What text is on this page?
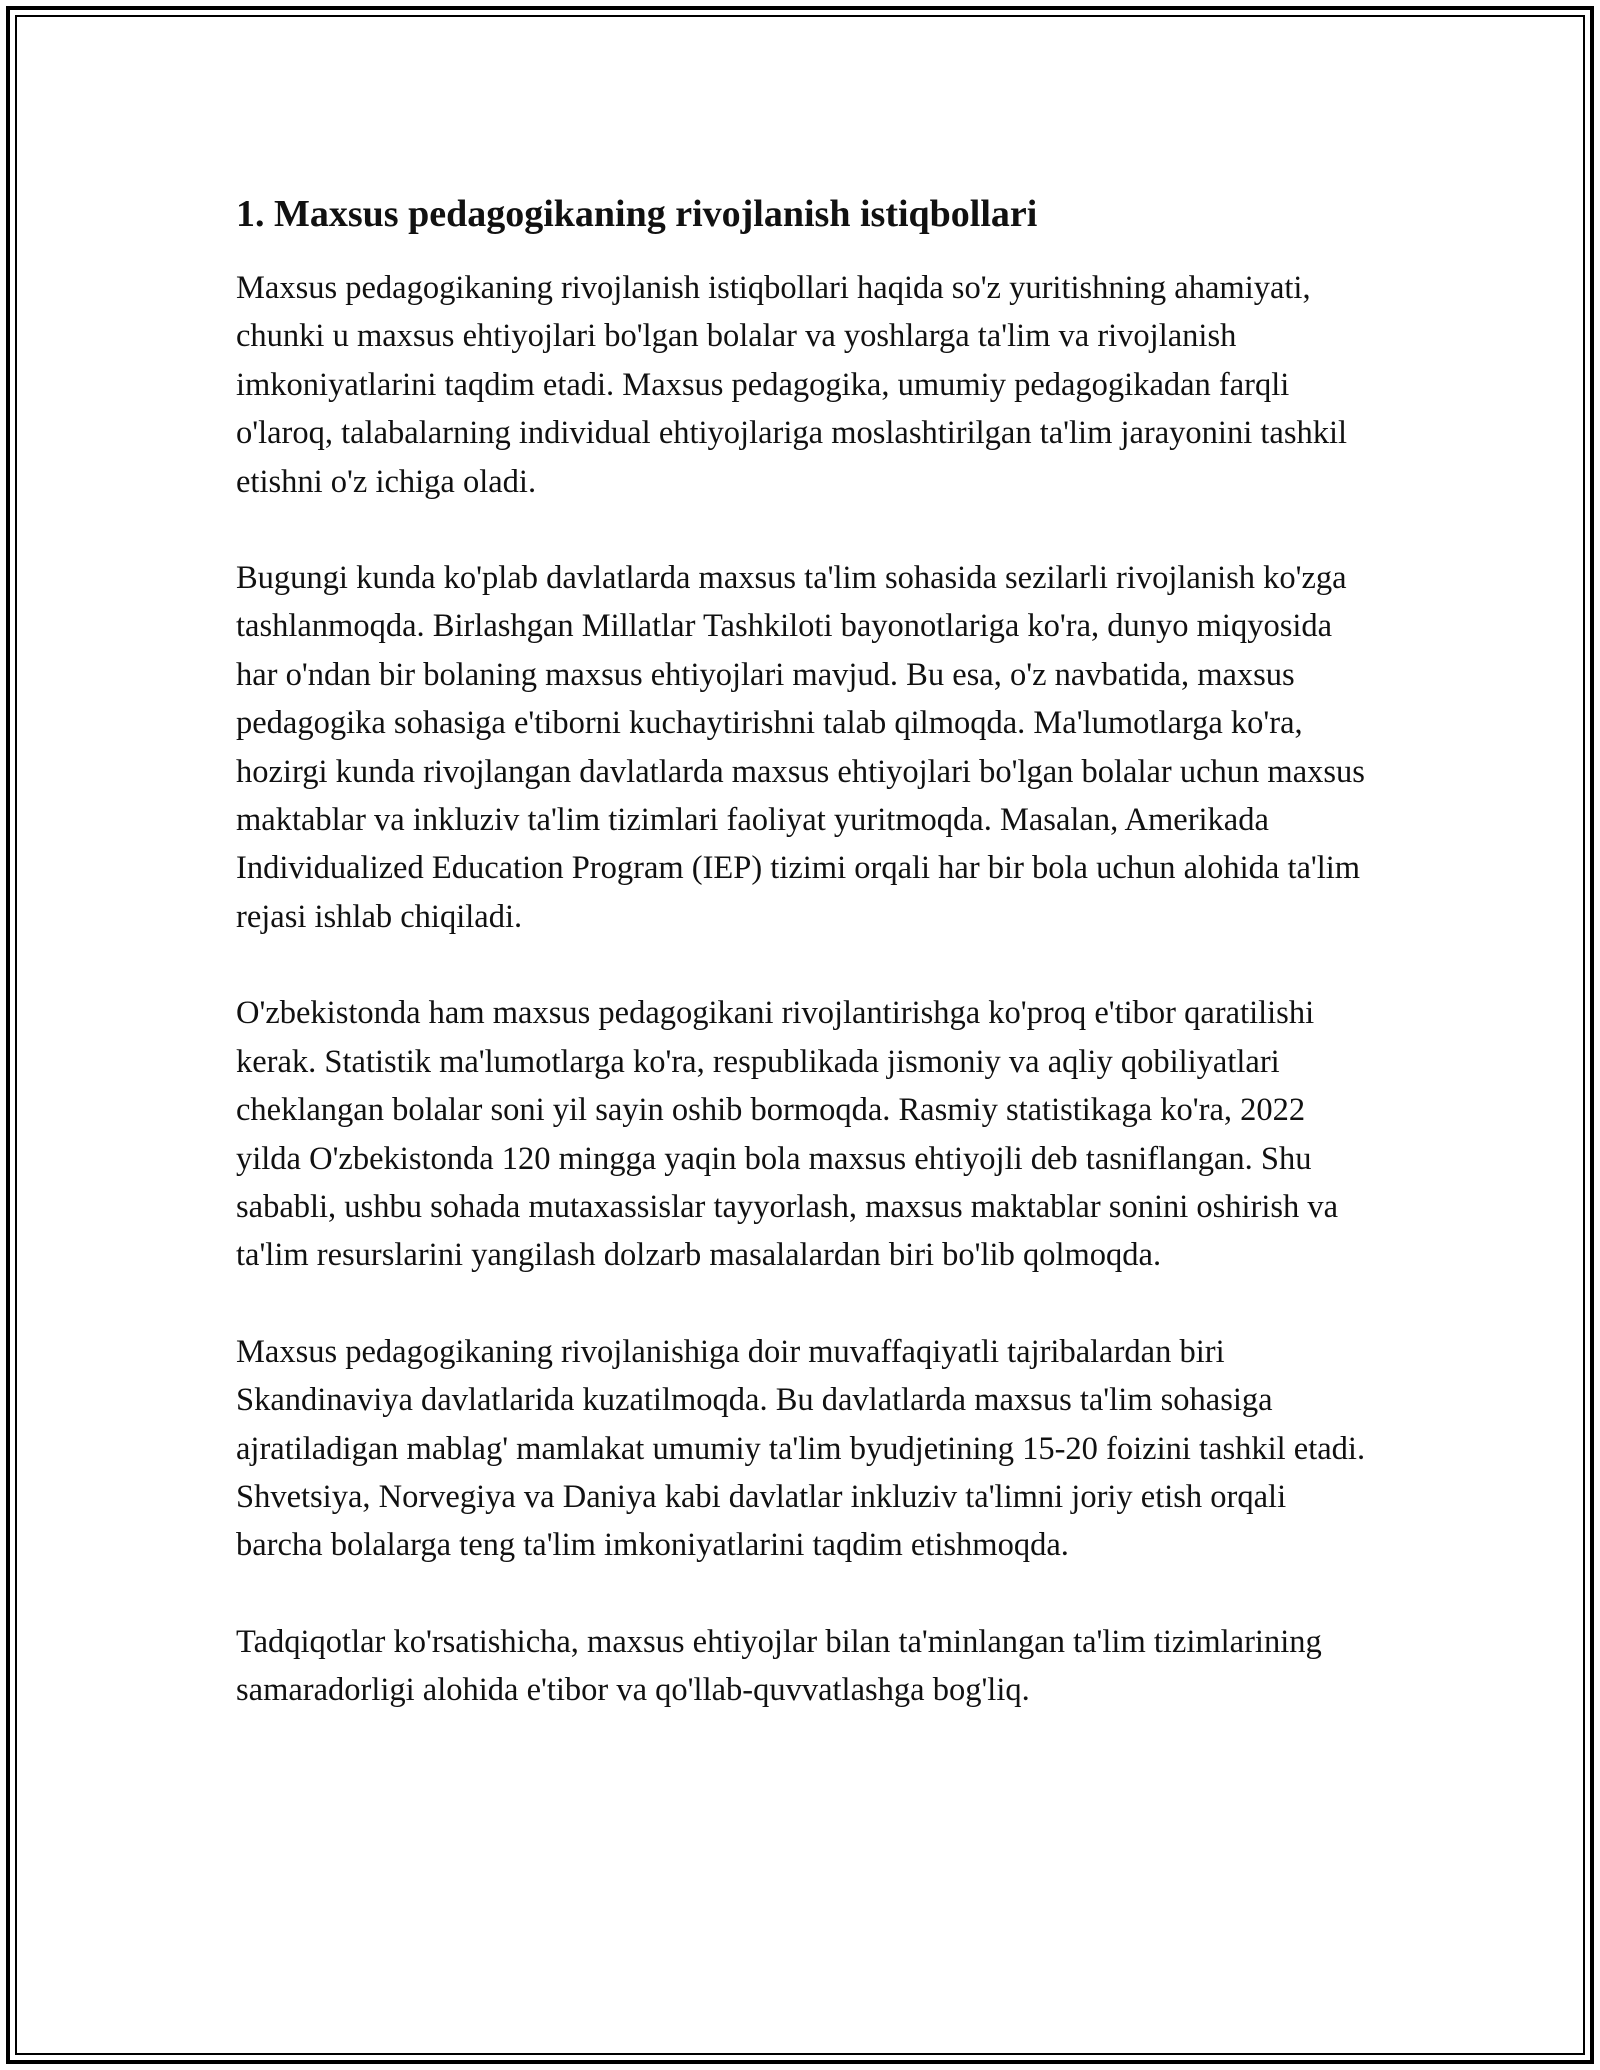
1. Maxsus pedagogikaning rivojlanish istiqbollari

Maxsus pedagogikaning rivojlanish istiqbollari haqida so'z yuritishning ahamiyati, chunki u maxsus ehtiyojlari bo'lgan bolalar va yoshlarga ta'lim va rivojlanish imkoniyatlarini taqdim etadi. Maxsus pedagogika, umumiy pedagogikadan farqli o'laroq, talabalarning individual ehtiyojlariga moslashtirilgan ta'lim jarayonini tashkil etishni o'z ichiga oladi.

Bugungi kunda ko'plab davlatlarda maxsus ta'lim sohasida sezilarli rivojlanish ko'zga tashlanmoqda. Birlashgan Millatlar Tashkiloti bayonotlariga ko'ra, dunyo miqyosida har o'ndan bir bolaning maxsus ehtiyojlari mavjud. Bu esa, o'z navbatida, maxsus pedagogika sohasiga e'tiborni kuchaytirishni talab qilmoqda. Ma'lumotlarga ko'ra, hozirgi kunda rivojlangan davlatlarda maxsus ehtiyojlari bo'lgan bolalar uchun maxsus maktablar va inkluziv ta'lim tizimlari faoliyat yuritmoqda. Masalan, Amerikada Individualized Education Program (IEP) tizimi orqali har bir bola uchun alohida ta'lim rejasi ishlab chiqiladi.

O'zbekistonda ham maxsus pedagogikani rivojlantirishga ko'proq e'tibor qaratilishi kerak. Statistik ma'lumotlarga ko'ra, respublikada jismoniy va aqliy qobiliyatlari cheklangan bolalar soni yil sayin oshib bormoqda. Rasmiy statistikaga ko'ra, 2022 yilda O'zbekistonda 120 mingga yaqin bola maxsus ehtiyojli deb tasniflangan. Shu sababli, ushbu sohada mutaxassislar tayyorlash, maxsus maktablar sonini oshirish va ta'lim resurslarini yangilash dolzarb masalalardan biri bo'lib qolmoqda.

Maxsus pedagogikaning rivojlanishiga doir muvaffaqiyatli tajribalardan biri Skandinaviya davlatlarida kuzatilmoqda. Bu davlatlarda maxsus ta'lim sohasiga ajratiladigan mablag' mamlakat umumiy ta'lim byudjetining 15-20 foizini tashkil etadi. Shvetsiya, Norvegiya va Daniya kabi davlatlar inkluziv ta'limni joriy etish orqali barcha bolalarga teng ta'lim imkoniyatlarini taqdim etishmoqda.

Tadqiqotlar ko'rsatishicha, maxsus ehtiyojlar bilan ta'minlangan ta'lim tizimlarining samaradorligi alohida e'tibor va qo'llab-quvvatlashga bog'liq.
